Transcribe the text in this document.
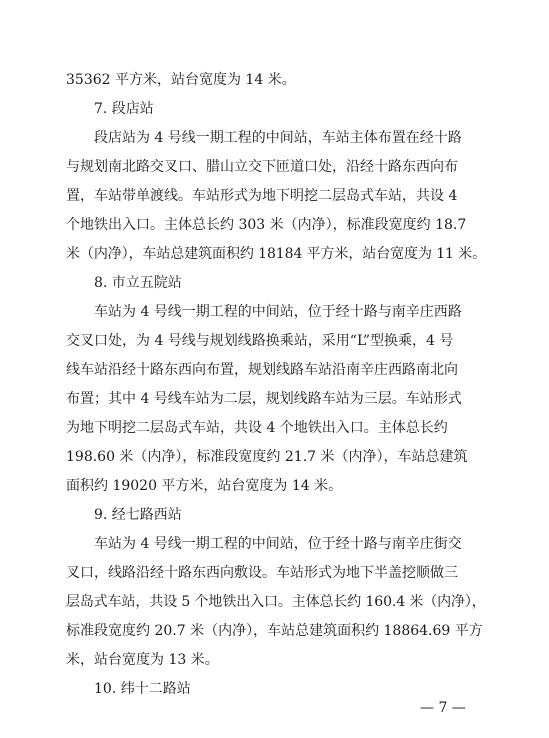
35362 平方米，站台宽度为 14 米。
7. 段店站
段店站为 4 号线一期工程的中间站，车站主体布置在经十路
与规划南北路交叉口、腊山立交下匝道口处，沿经十路东西向布
置，车站带单渡线。车站形式为地下明挖二层岛式车站，共设 4
个地铁出入口。主体总长约 303 米（内净），标准段宽度约 18.7
米（内净），车站总建筑面积约 18184 平方米，站台宽度为 11 米。
8. 市立五院站
车站为 4 号线一期工程的中间站，位于经十路与南辛庄西路
交叉口处，为 4 号线与规划线路换乘站，采用“L”型换乘，4 号
线车站沿经十路东西向布置，规划线路车站沿南辛庄西路南北向
布置；其中 4 号线车站为二层，规划线路车站为三层。车站形式
为地下明挖二层岛式车站，共设 4 个地铁出入口。主体总长约
198.60 米（内净），标准段宽度约 21.7 米（内净），车站总建筑
面积约 19020 平方米，站台宽度为 14 米。
9. 经七路西站
车站为 4 号线一期工程的中间站，位于经十路与南辛庄街交
叉口，线路沿经十路东西向敷设。车站形式为地下半盖挖顺做三
层岛式车站，共设 5 个地铁出入口。主体总长约 160.4 米（内净），
标准段宽度约 20.7 米（内净），车站总建筑面积约 18864.69 平方
米，站台宽度为 13 米。
10. 纬十二路站
— 7 —
